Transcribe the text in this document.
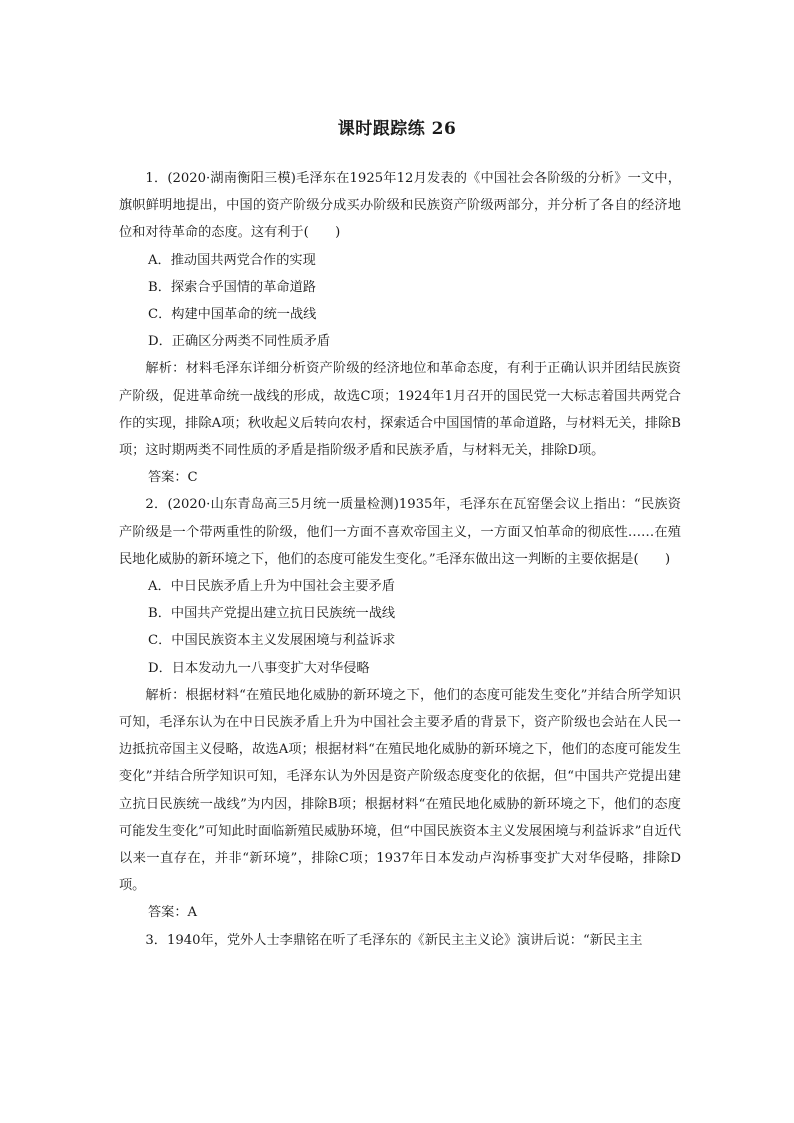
课时跟踪练 26

1．(2020·湖南衡阳三模)毛泽东在1925年12月发表的《中国社会各阶级的分析》一文中，旗帜鲜明地提出，中国的资产阶级分成买办阶级和民族资产阶级两部分，并分析了各自的经济地位和对待革命的态度。这有利于(　　)

A．推动国共两党合作的实现

B．探索合乎国情的革命道路

C．构建中国革命的统一战线

D．正确区分两类不同性质矛盾

解析：材料毛泽东详细分析资产阶级的经济地位和革命态度，有利于正确认识并团结民族资产阶级，促进革命统一战线的形成，故选C项；1924年1月召开的国民党一大标志着国共两党合作的实现，排除A项；秋收起义后转向农村，探索适合中国国情的革命道路，与材料无关，排除B项；这时期两类不同性质的矛盾是指阶级矛盾和民族矛盾，与材料无关，排除D项。

答案：C

2．(2020·山东青岛高三5月统一质量检测)1935年，毛泽东在瓦窑堡会议上指出：“民族资产阶级是一个带两重性的阶级，他们一方面不喜欢帝国主义，一方面又怕革命的彻底性……在殖民地化威胁的新环境之下，他们的态度可能发生变化。”毛泽东做出这一判断的主要依据是(　　)

A．中日民族矛盾上升为中国社会主要矛盾

B．中国共产党提出建立抗日民族统一战线

C．中国民族资本主义发展困境与利益诉求

D．日本发动九一八事变扩大对华侵略

解析：根据材料“在殖民地化威胁的新环境之下，他们的态度可能发生变化”并结合所学知识可知，毛泽东认为在中日民族矛盾上升为中国社会主要矛盾的背景下，资产阶级也会站在人民一边抵抗帝国主义侵略，故选A项；根据材料“在殖民地化威胁的新环境之下，他们的态度可能发生变化”并结合所学知识可知，毛泽东认为外因是资产阶级态度变化的依据，但“中国共产党提出建立抗日民族统一战线”为内因，排除B项；根据材料“在殖民地化威胁的新环境之下，他们的态度可能发生变化”可知此时面临新殖民威胁环境，但“中国民族资本主义发展困境与利益诉求”自近代以来一直存在，并非“新环境”，排除C项；1937年日本发动卢沟桥事变扩大对华侵略，排除D项。

答案：A

3．1940年，党外人士李鼎铭在听了毛泽东的《新民主主义论》演讲后说：“新民主主
